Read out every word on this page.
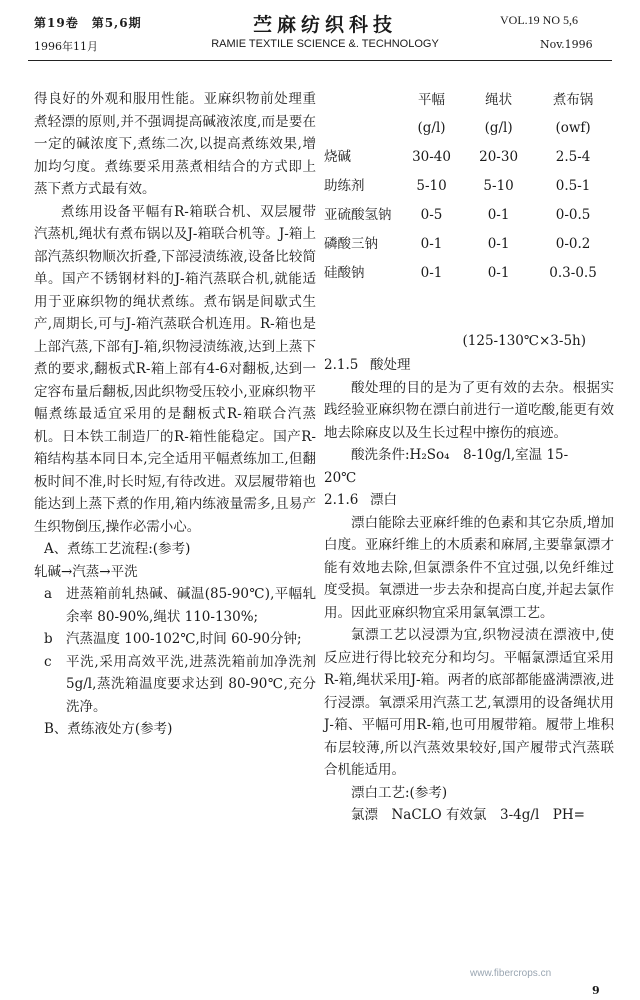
第19卷　第5,6期
1996年11月
苎麻纺织科技
RAMIE TEXTILE SCIENCE &. TECHNOLOGY
VOL.19 NO 5,6
Nov.1996

得良好的外观和服用性能。亚麻织物前处理重煮轻漂的原则,并不强调提高碱液浓度,而是要在一定的碱浓度下,煮练二次,以提高煮练效果,增加均匀度。煮练要采用蒸煮相结合的方式即上蒸下煮方式最有效。

煮练用设备平幅有R-箱联合机、双层履带汽蒸机,绳状有煮布锅以及J-箱联合机等。J-箱上部汽蒸织物顺次折叠,下部浸渍练液,设备比较简单。国产不锈钢材料的J-箱汽蒸联合机,就能适用于亚麻织物的绳状煮练。煮布锅是间歇式生产,周期长,可与J-箱汽蒸联合机连用。R-箱也是上部汽蒸,下部有J-箱,织物浸渍练液,达到上蒸下煮的要求,翻板式R-箱上部有4-6对翻板,达到一定容布量后翻板,因此织物受压较小,亚麻织物平幅煮练最适宜采用的是翻板式R-箱联合汽蒸机。日本铁工制造厂的R-箱性能稳定。国产R-箱结构基本同日本,完全适用平幅煮练加工,但翻板时间不准,时长时短,有待改进。双层履带箱也能达到上蒸下煮的作用,箱内练液量需多,且易产生织物倒压,操作必需小心。

A、煮练工艺流程:(参考)

轧碱→汽蒸→平洗

a	进蒸箱前轧热碱、碱温(85-90℃),平幅轧余率 80-90%,绳状 110-130%;
b 汽蒸温度 100-102℃,时间 60-90分钟;
c	平洗,采用高效平洗,进蒸洗箱前加净洗剂 5g/l,蒸洗箱温度要求达到 80-90℃,充分洗净。

B、煮练液处方(参考)

	平幅	绳状	煮布锅
	(g/l)	(g/l)	(owf)
烧碱	30-40	20-30	2.5-4
助练剂	5-10	5-10	0.5-1
亚硫酸氢钠	0-5	0-1	0-0.5
磷酸三钠	0-1	0-1	0-0.2
硅酸钠	0-1	0-1	0.3-0.5
(125-130℃×3-5h)

2.1.5 酸处理

酸处理的目的是为了更有效的去杂。根据实践经验亚麻织物在漂白前进行一道吃酸,能更有效地去除麻皮以及生长过程中擦伤的痕迹。

酸洗条件:H₂So₄　8-10g/l,室温 15-

20℃

2.1.6 漂白

漂白能除去亚麻纤维的色素和其它杂质,增加白度。亚麻纤维上的木质素和麻屑,主要靠氯漂才能有效地去除,但氯漂条件不宜过强,以免纤维过度受损。氧漂进一步去杂和提高白度,并起去氯作用。因此亚麻织物宜采用氯氧漂工艺。

氯漂工艺以浸漂为宜,织物浸渍在漂液中,使反应进行得比较充分和均匀。平幅氯漂适宜采用R-箱,绳状采用J-箱。两者的底部都能盛满漂液,进行浸漂。氧漂采用汽蒸工艺,氧漂用的设备绳状用J-箱、平幅可用R-箱,也可用履带箱。履带上堆积布层较薄,所以汽蒸效果较好,国产履带式汽蒸联合机能适用。

漂白工艺:(参考)

氯漂　NaCLO 有效氯　3-4g/l　PH=

www.fibercrops.cn
9
